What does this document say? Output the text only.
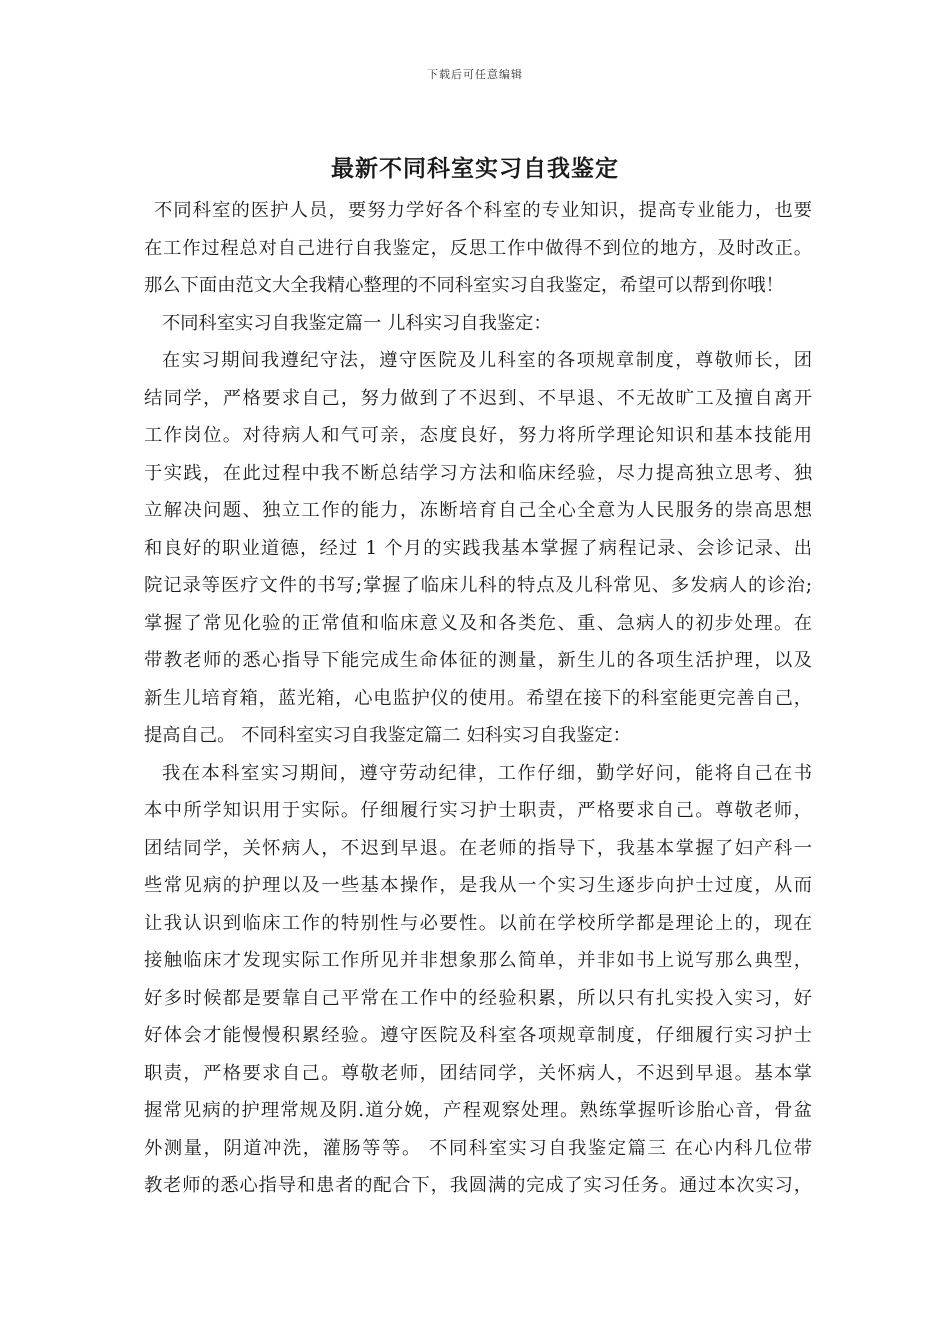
下载后可任意编辑
最新不同科室实习自我鉴定
不同科室的医护人员，要努力学好各个科室的专业知识，提高专业能力，也要
在工作过程总对自己进行自我鉴定，反思工作中做得不到位的地方，及时改正。
那么下面由范文大全我精心整理的不同科室实习自我鉴定，希望可以帮到你哦！
不同科室实习自我鉴定篇一 儿科实习自我鉴定：
在实习期间我遵纪守法，遵守医院及儿科室的各项规章制度，尊敬师长，团
结同学，严格要求自己，努力做到了不迟到、不早退、不无故旷工及擅自离开
工作岗位。对待病人和气可亲，态度良好，努力将所学理论知识和基本技能用
于实践，在此过程中我不断总结学习方法和临床经验，尽力提高独立思考、独
立解决问题、独立工作的能力，冻断培育自己全心全意为人民服务的崇高思想
和良好的职业道德，经过 1 个月的实践我基本掌握了病程记录、会诊记录、出
院记录等医疗文件的书写;掌握了临床儿科的特点及儿科常见、多发病人的诊治;
掌握了常见化验的正常值和临床意义及和各类危、重、急病人的初步处理。在
带教老师的悉心指导下能完成生命体征的测量，新生儿的各项生活护理，以及
新生儿培育箱，蓝光箱，心电监护仪的使用。希望在接下的科室能更完善自己，
提高自己。 不同科室实习自我鉴定篇二 妇科实习自我鉴定：
我在本科室实习期间，遵守劳动纪律，工作仔细，勤学好问，能将自己在书
本中所学知识用于实际。仔细履行实习护士职责，严格要求自己。尊敬老师，
团结同学，关怀病人，不迟到早退。在老师的指导下，我基本掌握了妇产科一
些常见病的护理以及一些基本操作，是我从一个实习生逐步向护士过度，从而
让我认识到临床工作的特别性与必要性。以前在学校所学都是理论上的，现在
接触临床才发现实际工作所见并非想象那么简单，并非如书上说写那么典型，
好多时候都是要靠自己平常在工作中的经验积累，所以只有扎实投入实习，好
好体会才能慢慢积累经验。遵守医院及科室各项规章制度，仔细履行实习护士
职责，严格要求自己。尊敬老师，团结同学，关怀病人，不迟到早退。基本掌
握常见病的护理常规及阴.道分娩，产程观察处理。熟练掌握听诊胎心音，骨盆
外测量，阴道冲洗，灌肠等等。 不同科室实习自我鉴定篇三 在心内科几位带
教老师的悉心指导和患者的配合下，我圆满的完成了实习任务。通过本次实习，
